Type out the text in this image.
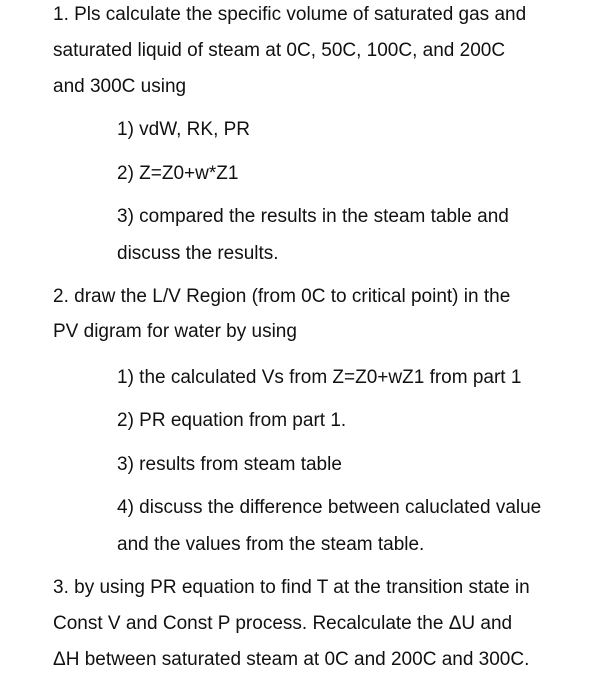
1. Pls calculate the specific volume of saturated gas and
saturated liquid of steam at 0C, 50C, 100C, and 200C
and 300C using
1) vdW, RK, PR
2) Z=Z0+w*Z1
3) compared the results in the steam table and
discuss the results.
2. draw the L/V Region (from 0C to critical point) in the
PV digram for water by using
1) the calculated Vs from Z=Z0+wZ1 from part 1
2) PR equation from part 1.
3) results from steam table
4) discuss the difference between caluclated value
and the values from the steam table.
3. by using PR equation to find T at the transition state in
Const V and Const P process. Recalculate the ΔU and
ΔH between saturated steam at 0C and 200C and 300C.
